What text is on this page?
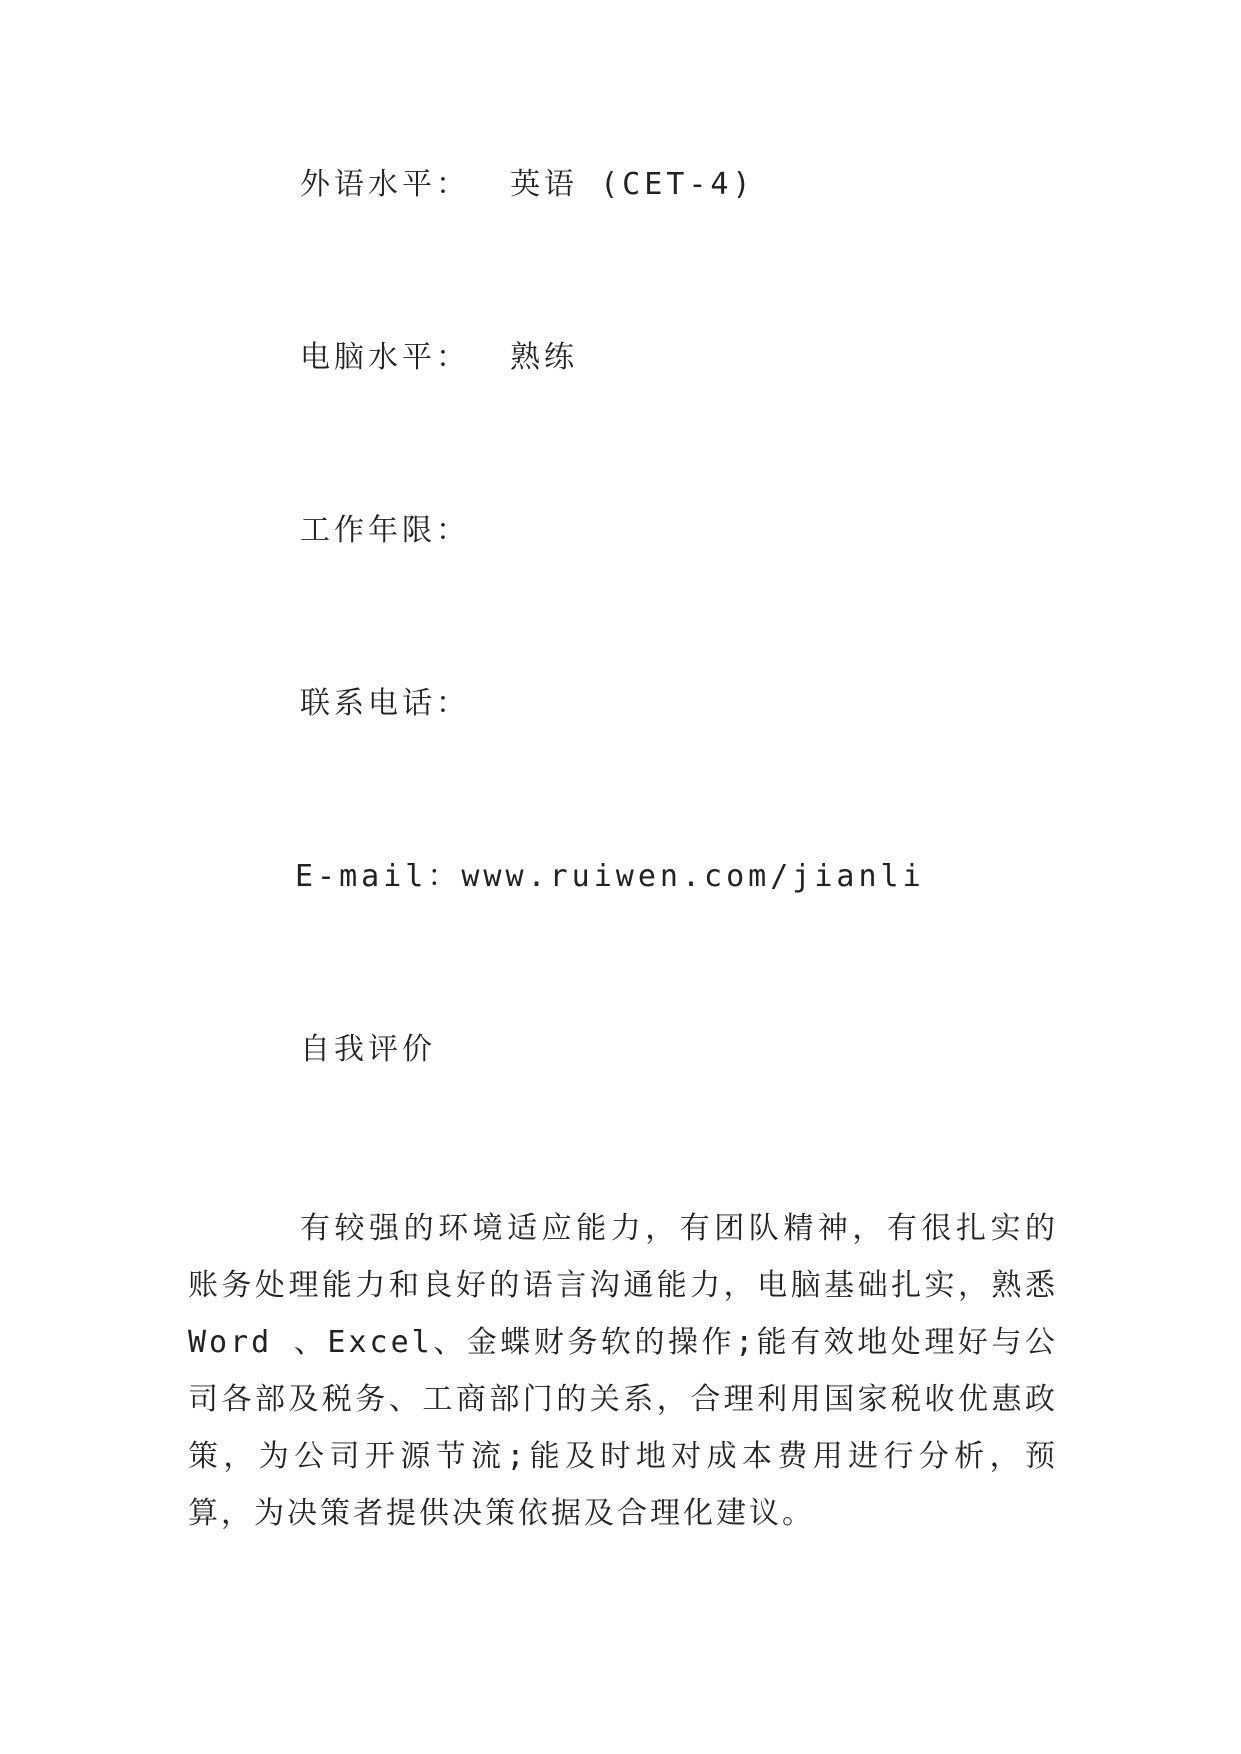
外语水平： 英语 (CET-4)
电脑水平： 熟练
工作年限：
联系电话：
E-mail：www.ruiwen.com/jianli
自我评价

有较强的环境适应能力，有团队精神，有很扎实的账务处理能力和良好的语言沟通能力，电脑基础扎实，熟悉Word 、Excel、金蝶财务软的操作;能有效地处理好与公司各部及税务、工商部门的关系，合理利用国家税收优惠政策，为公司开源节流;能及时地对成本费用进行分析，预算，为决策者提供决策依据及合理化建议。
